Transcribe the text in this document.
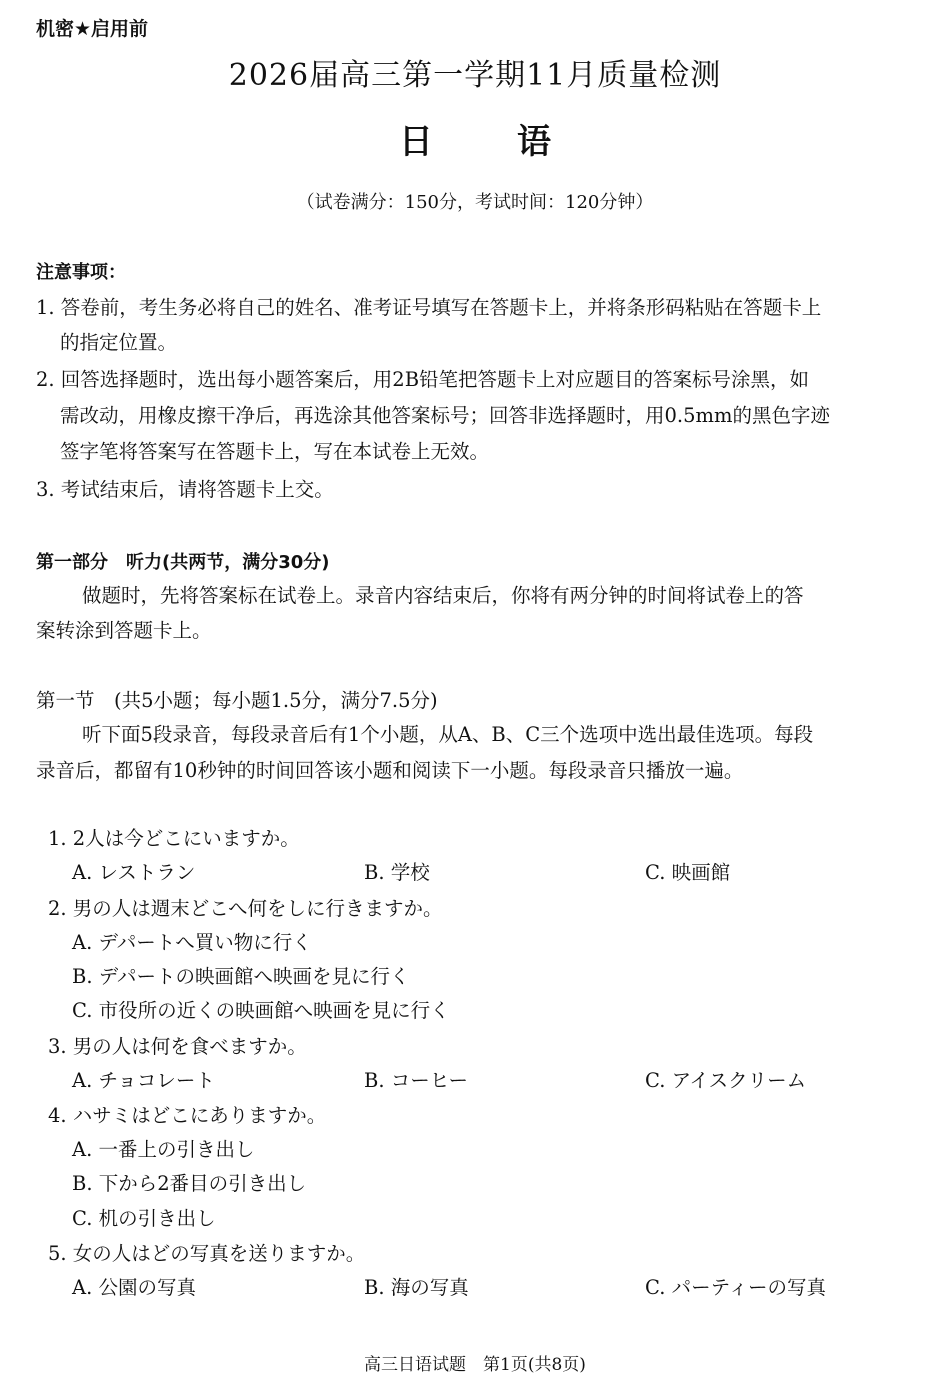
机密★启用前
2026届高三第一学期11月质量检测
日 语
（试卷满分：150分，考试时间：120分钟）
注意事项：
1. 答卷前，考生务必将自己的姓名、准考证号填写在答题卡上，并将条形码粘贴在答题卡上
的指定位置。
2. 回答选择题时，选出每小题答案后，用2B铅笔把答题卡上对应题目的答案标号涂黑，如
需改动，用橡皮擦干净后，再选涂其他答案标号；回答非选择题时，用0.5mm的黑色字迹
签字笔将答案写在答题卡上，写在本试卷上无效。
3. 考试结束后，请将答题卡上交。
第一部分　听力(共两节，满分30分)
做题时，先将答案标在试卷上。录音内容结束后，你将有两分钟的时间将试卷上的答
案转涂到答题卡上。
第一节　(共5小题；每小题1.5分，满分7.5分)
听下面5段录音，每段录音后有1个小题，从A、B、C三个选项中选出最佳选项。每段
录音后，都留有10秒钟的时间回答该小题和阅读下一小题。每段录音只播放一遍。
1. 2人は今どこにいますか。
A. レストラン	B. 学校	C. 映画館
2. 男の人は週末どこへ何をしに行きますか。
A. デパートへ買い物に行く
B. デパートの映画館へ映画を見に行く
C. 市役所の近くの映画館へ映画を見に行く
3. 男の人は何を食べますか。
A. チョコレート	B. コーヒー	C. アイスクリーム
4. ハサミはどこにありますか。
A. 一番上の引き出し
B. 下から2番目の引き出し
C. 机の引き出し
5. 女の人はどの写真を送りますか。
A. 公園の写真	B. 海の写真	C. パーティーの写真
高三日语试题　第1页(共8页)
